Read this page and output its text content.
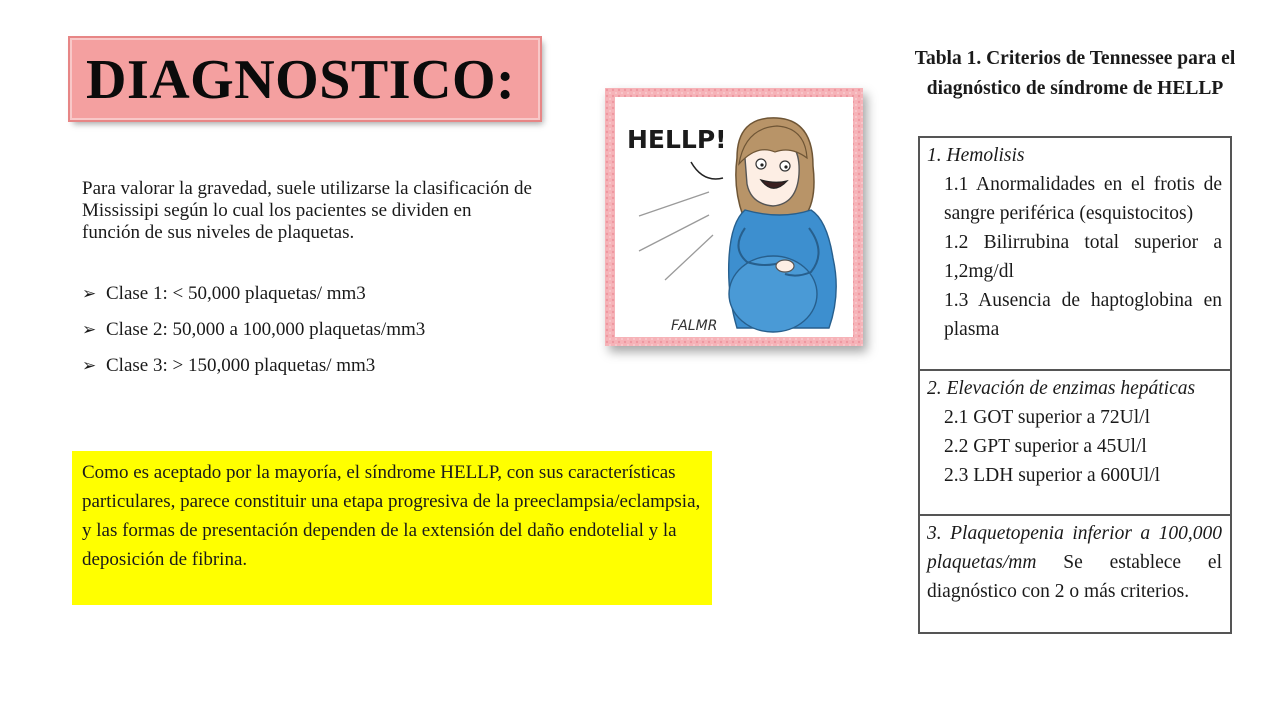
DIAGNOSTICO:
Para valorar la gravedad, suele utilizarse la clasificación de Mississipi según lo cual los pacientes se dividen en función de sus niveles de plaquetas.
➢ Clase 1: < 50,000 plaquetas/ mm3
➢ Clase 2: 50,000 a 100,000 plaquetas/mm3
➢ Clase 3: > 150,000 plaquetas/ mm3
Como es aceptado por la mayoría, el síndrome HELLP, con sus características particulares, parece constituir una etapa progresiva de la preeclampsia/eclampsia, y las formas de presentación dependen de la extensión del daño endotelial y la deposición de fibrina.
HELLP!
FALMR
Tabla 1. Criterios de Tennessee para el diagnóstico de síndrome de HELLP
1. Hemolisis
1.1 Anormalidades en el frotis de sangre periférica (esquistocitos)
1.2 Bilirrubina total superior a 1,2mg/dl
1.3 Ausencia de haptoglobina en plasma
2. Elevación de enzimas hepáticas
2.1 GOT superior a 72Ul/l
2.2 GPT superior a 45Ul/l
2.3 LDH superior a 600Ul/l
3. Plaquetopenia inferior a 100,000 plaquetas/mm Se establece el diagnóstico con 2 o más criterios.
